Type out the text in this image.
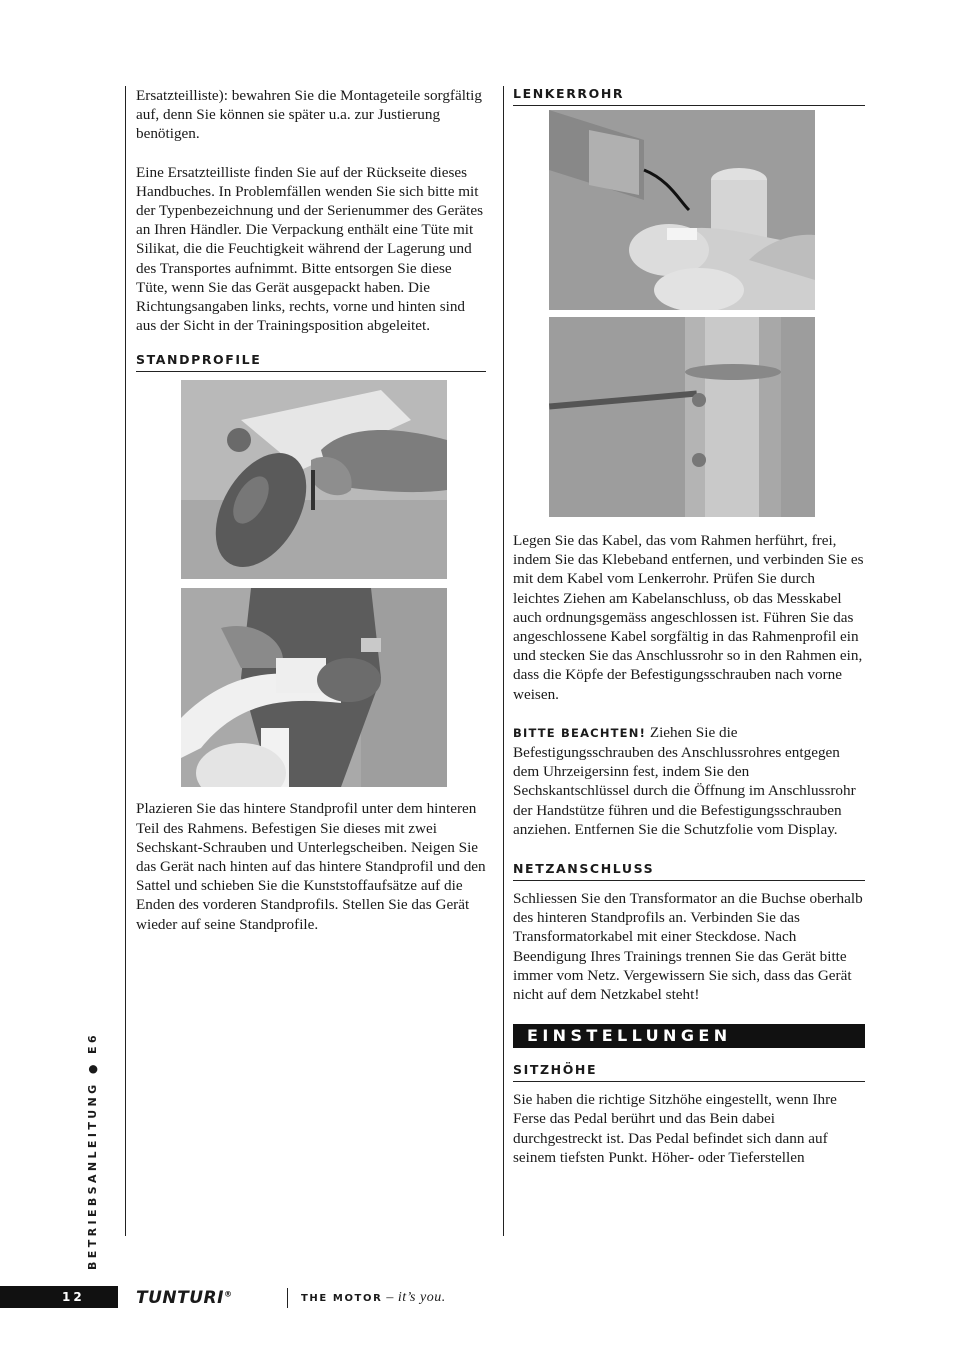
BETRIEBSANLEITUNG ● E6

Ersatzteilliste): bewahren Sie die Montageteile sorgfältig auf, denn Sie können sie später u.a. zur Justierung benötigen.

Eine Ersatzteilliste finden Sie auf der Rückseite dieses Handbuches. In Problemfällen wenden Sie sich bitte mit der Typenbezeichnung und der Serienummer des Gerätes an Ihren Händler. Die Verpackung enthält eine Tüte mit Silikat, die die Feuchtigkeit während der Lagerung und des Transportes aufnimmt. Bitte entsorgen Sie diese Tüte, wenn Sie das Gerät ausgepackt haben. Die Richtungsangaben links, rechts, vorne und hinten sind aus der Sicht in der Trainingsposition abgeleitet.

STANDPROFILE

Plazieren Sie das hintere Standprofil unter dem hinteren Teil des Rahmens. Befestigen Sie dieses mit zwei Sechskant-Schrauben und Unterlegscheiben. Neigen Sie das Gerät nach hinten auf das hintere Standprofil und den Sattel und schieben Sie die Kunststoffaufsätze auf die Enden des vorderen Standprofils. Stellen Sie das Gerät wieder auf seine Standprofile.

LENKERROHR

Legen Sie das Kabel, das vom Rahmen herführt, frei, indem Sie das Klebeband entfernen, und verbinden Sie es mit dem Kabel vom Lenkerrohr. Prüfen Sie durch leichtes Ziehen am Kabelanschluss, ob das Messkabel auch ordnungsgemäss angeschlossen ist. Führen Sie das angeschlossene Kabel sorgfältig in das Rahmenprofil ein und stecken Sie das Anschlussrohr so in den Rahmen ein, dass die Köpfe der Befestigungsschrauben nach vorne weisen.

BITTE BEACHTEN! Ziehen Sie die Befestigungsschrauben des Anschlussrohres entgegen dem Uhrzeigersinn fest, indem Sie den Sechskantschlüssel durch die Öffnung im Anschlussrohr der Handstütze führen und die Befestigungsschrauben anziehen. Entfernen Sie die Schutzfolie vom Display.

NETZANSCHLUSS

Schliessen Sie den Transformator an die Buchse oberhalb des hinteren Standprofils an. Verbinden Sie das Transformatorkabel mit einer Steckdose. Nach Beendigung Ihres Trainings trennen Sie das Gerät bitte immer vom Netz. Vergewissern Sie sich, dass das Gerät nicht auf dem Netzkabel steht!

EINSTELLUNGEN
SITZHÖHE

Sie haben die richtige Sitzhöhe eingestellt, wenn Ihre Ferse das Pedal berührt und das Bein dabei durchgestreckt ist. Das Pedal befindet sich dann auf seinem tiefsten Punkt. Höher- oder Tieferstellen

12	TUNTURI®	THE MOTOR – it’s you.
